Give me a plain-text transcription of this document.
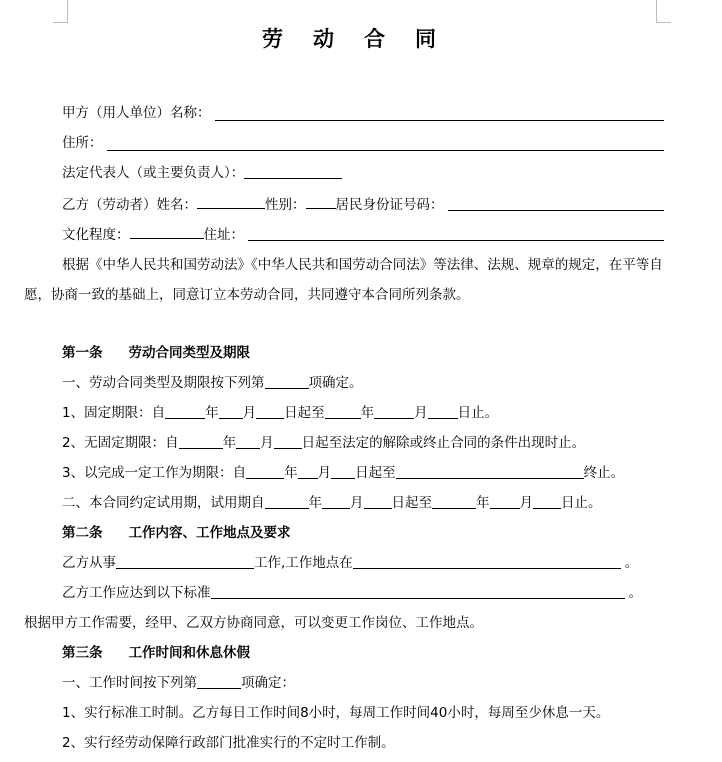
劳 动 合 同
甲方（用人单位）名称：
住所：
法定代表人（或主要负责人）：
乙方（劳动者）姓名：	性别： 居民身份证号码：
文化程度：	住址：
根据《中华人民共和国劳动法》《中华人民共和国劳动合同法》等法律、法规、规章的规定，在平等自愿，协商一致的基础上，同意订立本劳动合同，共同遵守本合同所列条款。
第一条 劳动合同类型及期限
一、劳动合同类型及期限按下列第	项确定。
1、固定期限：自	年 月 日起至	年	月 日止。
2、无固定期限：自	年 月 日起至法定的解除或终止合同的条件出现时止。
3、以完成一定工作为期限：自	年 月 日起至	终止。
二、本合同约定试用期，试用期自	年 月 日起至	年 月 日止。
第二条 工作内容、工作地点及要求
乙方从事	工作,工作地点在	。
乙方工作应达到以下标准	。
根据甲方工作需要，经甲、乙双方协商同意，可以变更工作岗位、工作地点。
第三条 工作时间和休息休假
一、工作时间按下列第	项确定：
1、实行标准工时制。乙方每日工作时间8小时，每周工作时间40小时，每周至少休息一天。
2、实行经劳动保障行政部门批准实行的不定时工作制。
